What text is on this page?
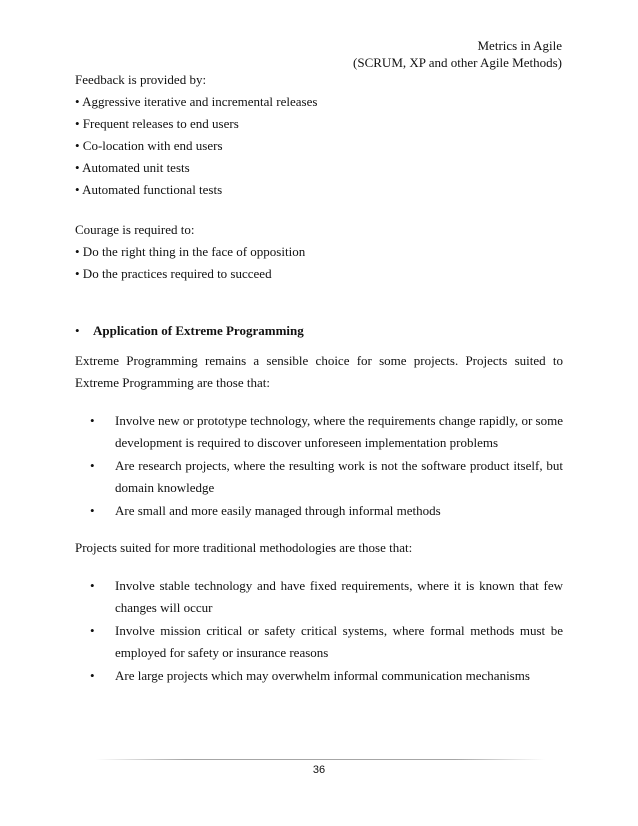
Metrics in Agile
(SCRUM, XP and other Agile Methods)

Feedback is provided by:

• Aggressive iterative and incremental releases

• Frequent releases to end users

• Co-location with end users

• Automated unit tests

• Automated functional tests

Courage is required to:

• Do the right thing in the face of opposition

• Do the practices required to succeed

•	Application of Extreme Programming

Extreme Programming remains a sensible choice for some projects. Projects suited to Extreme Programming are those that:

• Involve new or prototype technology, where the requirements change rapidly, or some development is required to discover unforeseen implementation problems
• Are research projects, where the resulting work is not the software product itself, but domain knowledge
• Are small and more easily managed through informal methods

Projects suited for more traditional methodologies are those that:

• Involve stable technology and have fixed requirements, where it is known that few changes will occur
• Involve mission critical or safety critical systems, where formal methods must be employed for safety or insurance reasons
• Are large projects which may overwhelm informal communication mechanisms
36
